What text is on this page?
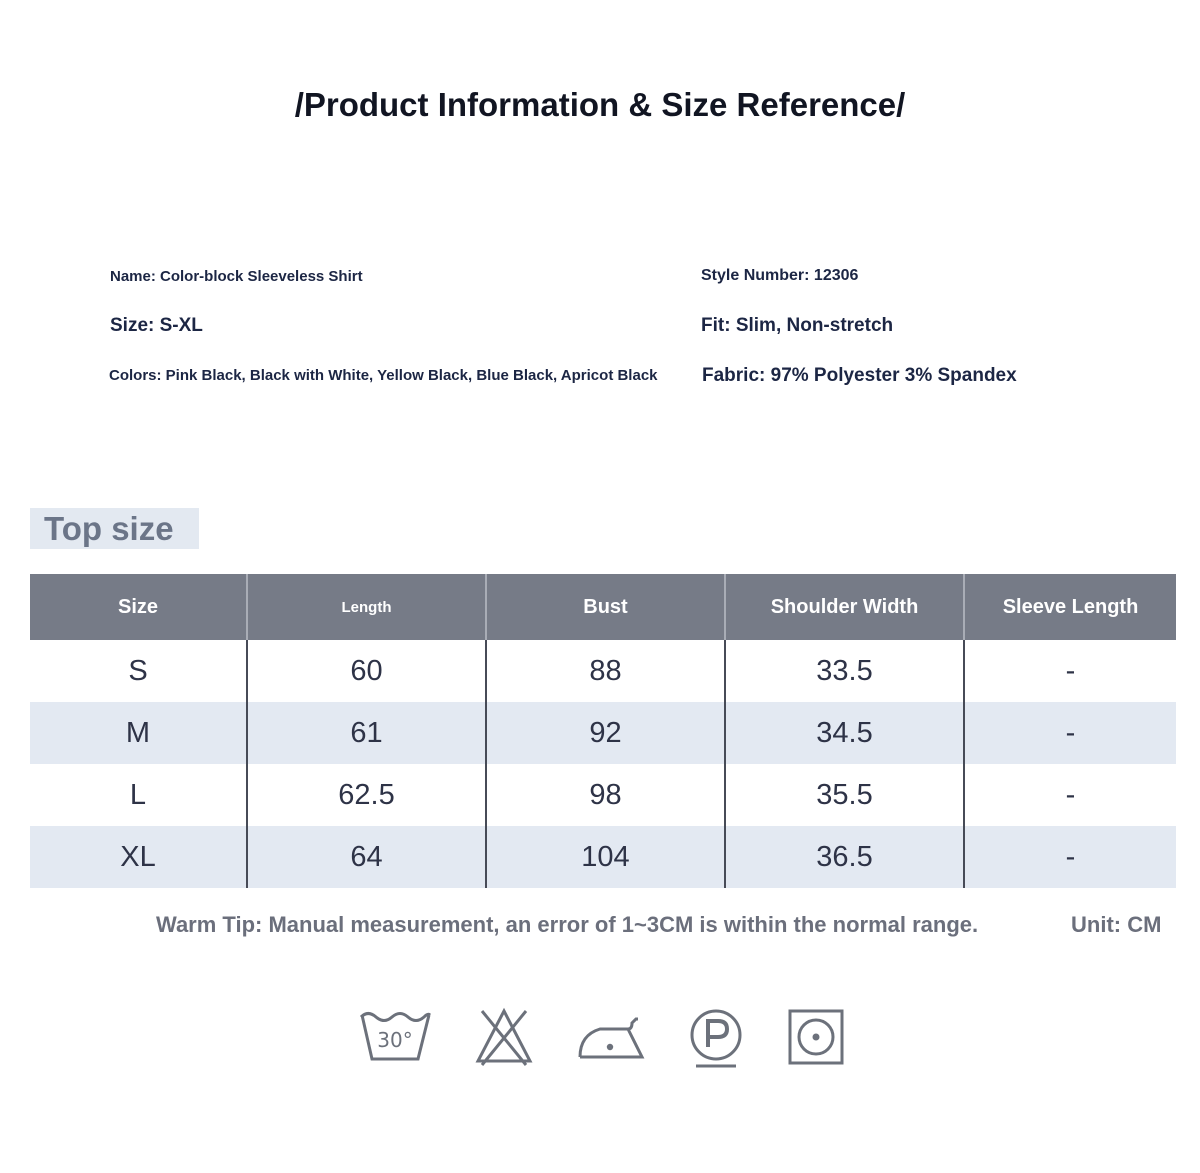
/Product Information & Size Reference/
Name: Color-block Sleeveless Shirt	Style Number: 12306
Size: S-XL	Fit: Slim, Non-stretch
Colors: Pink Black, Black with White, Yellow Black, Blue Black, Apricot Black Fabric: 97% Polyester 3% Spandex
Top size
Size	Length	Bust	Shoulder Width	Sleeve Length
S	60	88	33.5	-
M	61	92	34.5	-
L	62.5	98	35.5	-
XL	64	104	36.5	-
Warm Tip: Manual measurement, an error of 1~3CM is within the normal range.	Unit: CM
30°
